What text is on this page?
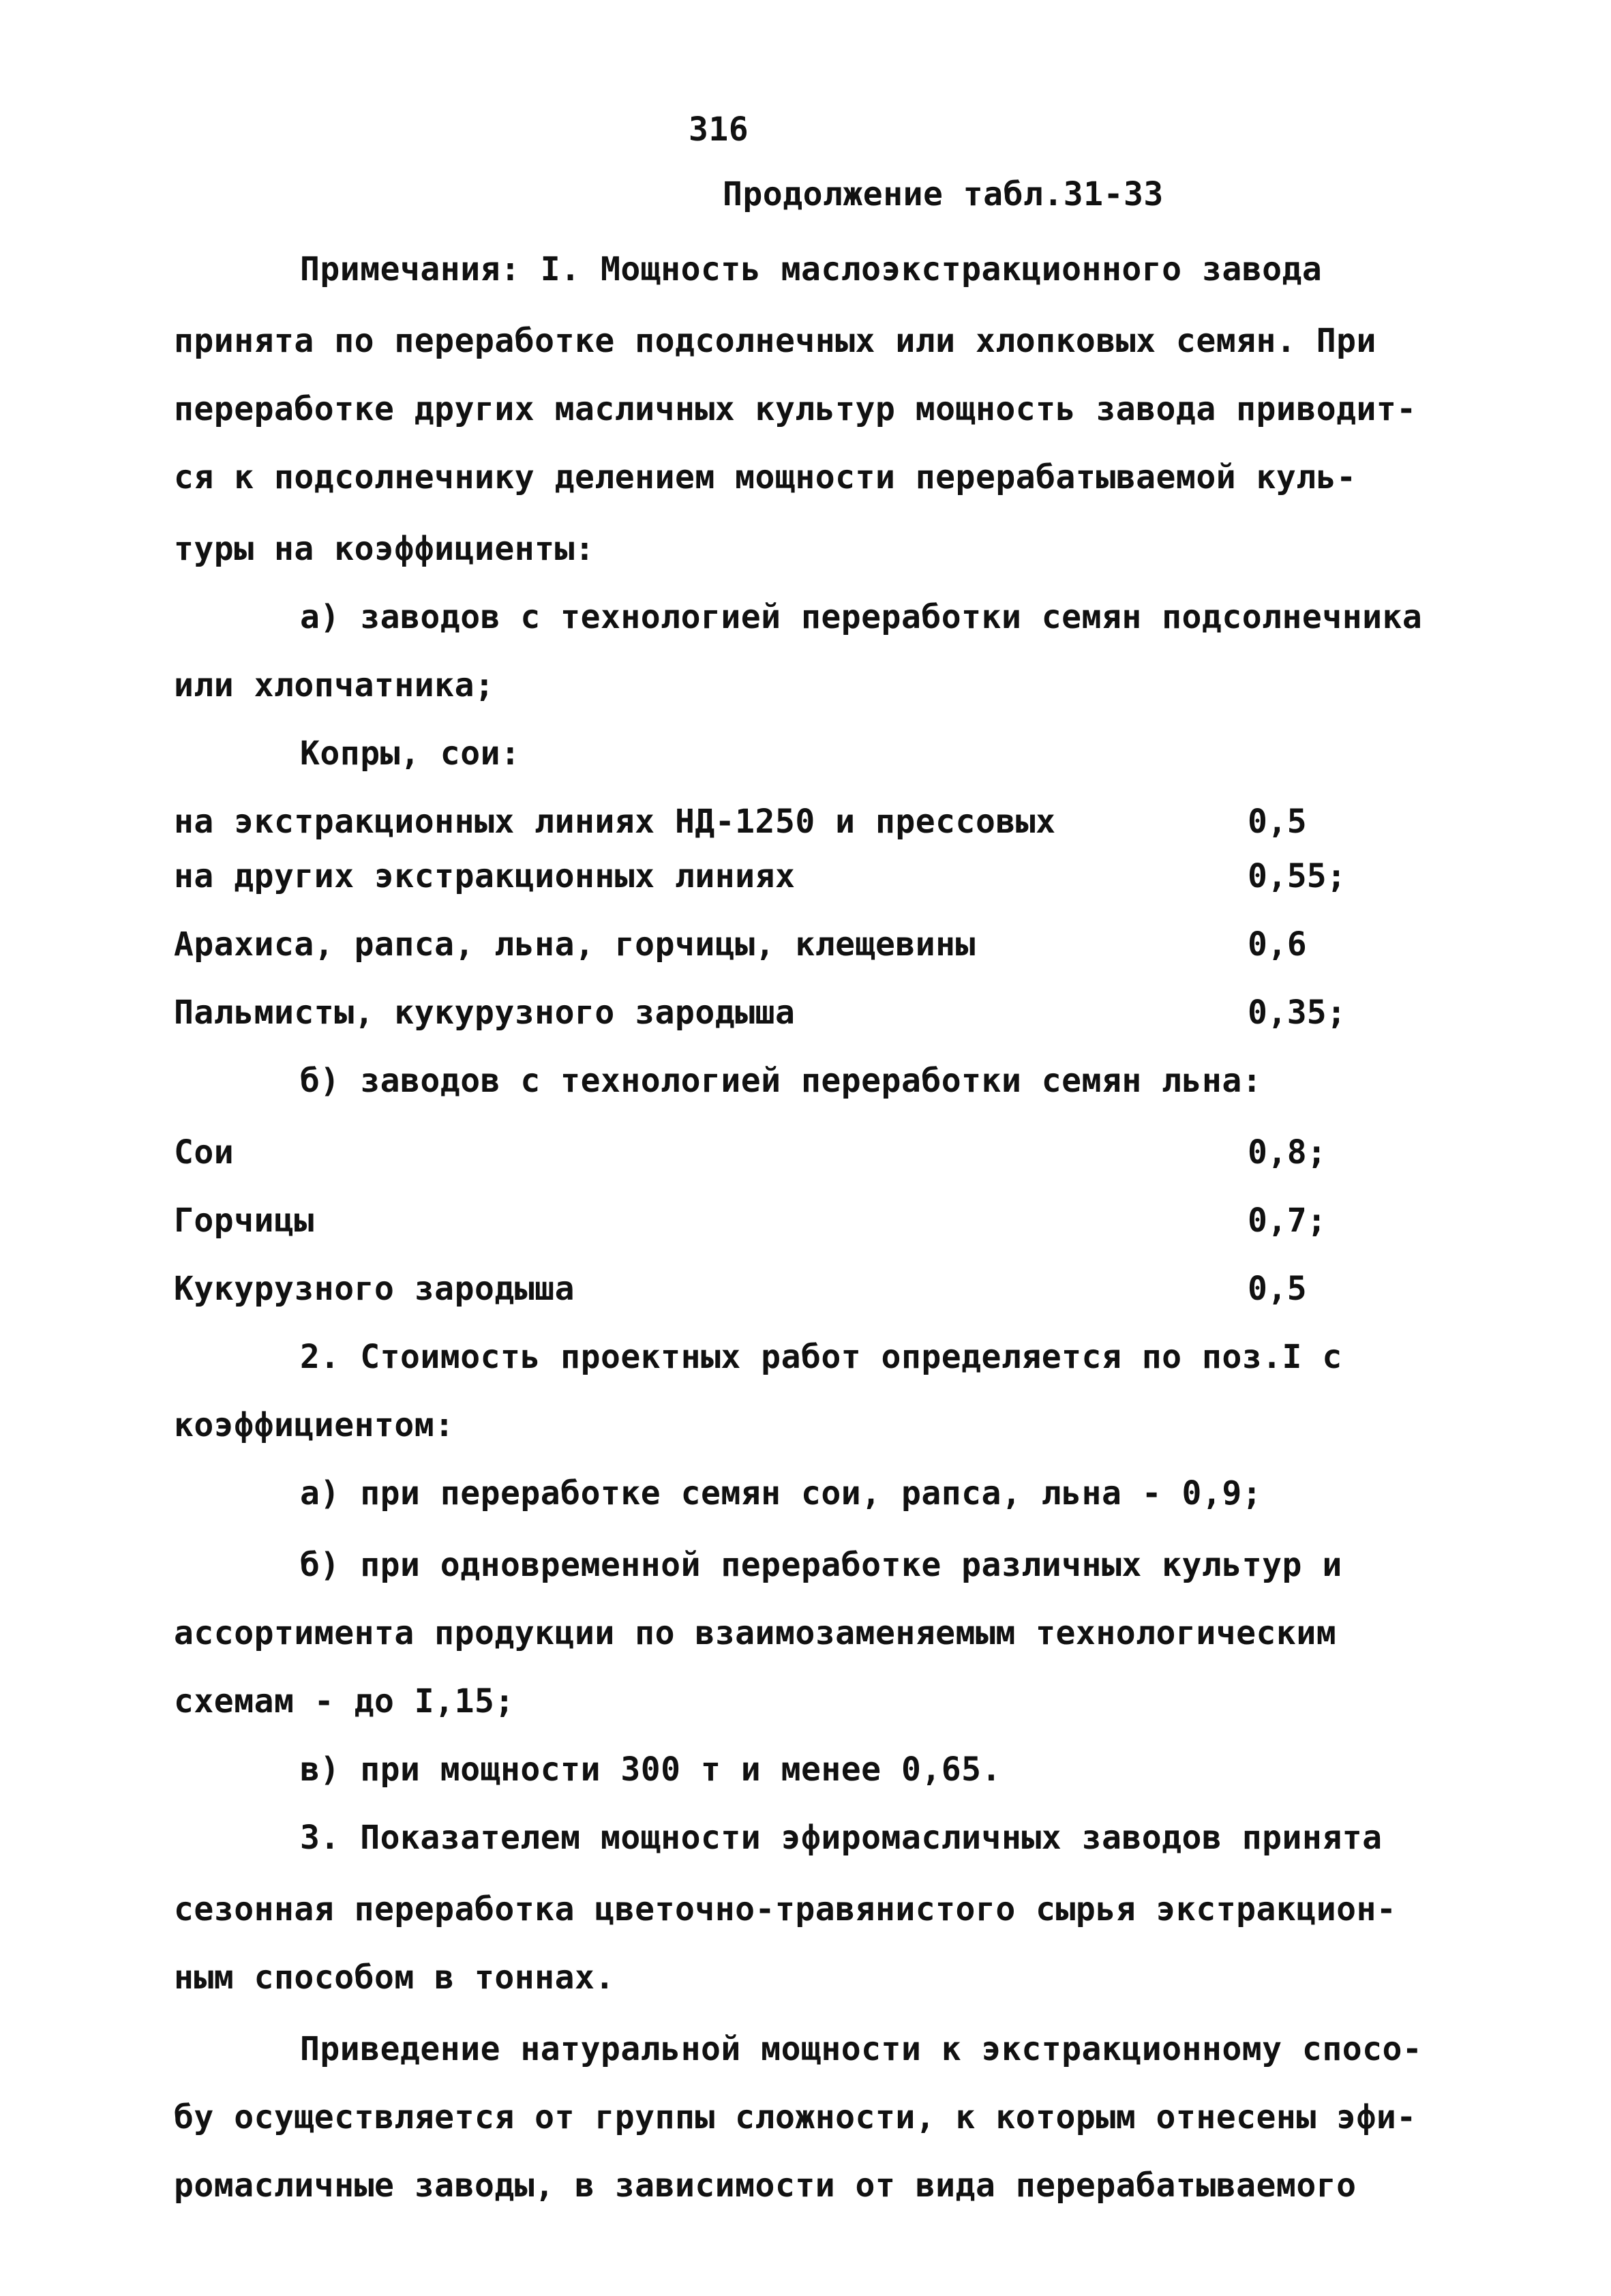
316
Продолжение табл.31-33
Примечания: I. Мощность маслоэкстракционного завода
принята по переработке подсолнечных или хлопковых семян. При
переработке других масличных культур мощность завода приводит-
ся к подсолнечнику делением мощности перерабатываемой куль-
туры на коэффициенты:
а) заводов с технологией переработки семян подсолнечника
или хлопчатника;
Копры, сои:
на экстракционных линиях НД-1250 и прессовых	0,5
на других экстракционных линиях	0,55;
Арахиса, рапса, льна, горчицы, клещевины	0,6
Пальмисты, кукурузного зародыша	0,35;
б) заводов с технологией переработки семян льна:
Сои	0,8;
Горчицы	0,7;
Кукурузного зародыша	0,5
2. Стоимость проектных работ определяется по поз.I с
коэффициентом:
а) при переработке семян сои, рапса, льна - 0,9;
б) при одновременной переработке различных культур и
ассортимента продукции по взаимозаменяемым технологическим
схемам - до I,15;
в) при мощности 300 т и менее 0,65.
3. Показателем мощности эфиромасличных заводов принята
сезонная переработка цветочно-травянистого сырья экстракцион-
ным способом в тоннах.
Приведение натуральной мощности к экстракционному спосо-
бу осуществляется от группы сложности, к которым отнесены эфи-
ромасличные заводы, в зависимости от вида перерабатываемого
